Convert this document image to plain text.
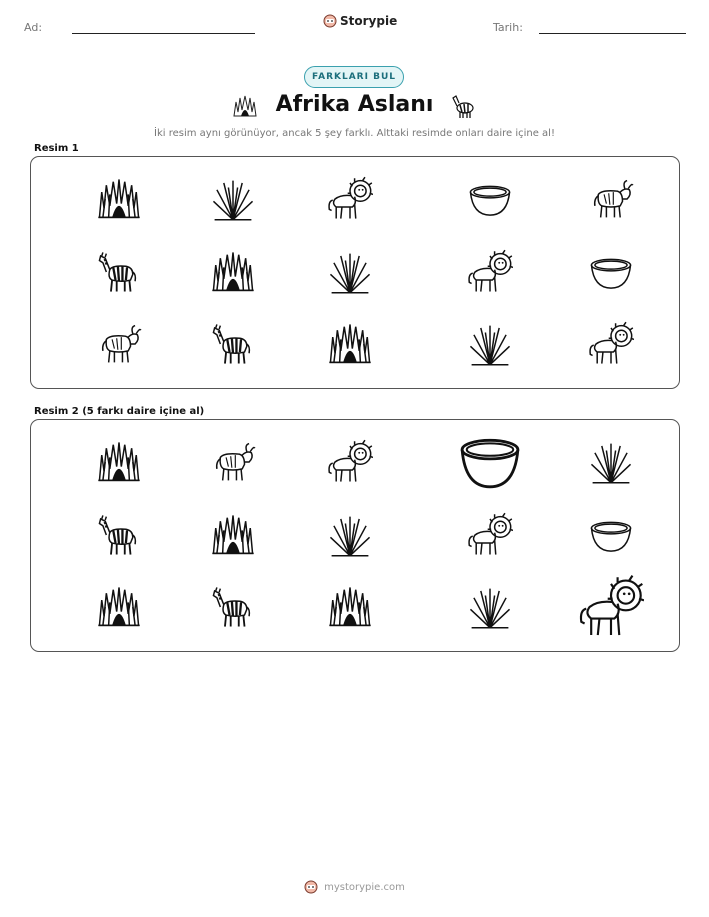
Ad:	Storypie	Tarih:
FARKLARI BUL
Afrika Aslanı
İki resim aynı görünüyor, ancak 5 şey farklı. Alttaki resimde onları daire içine al!
Resim 1
Resim 2 (5 farkı daire içine al)
mystorypie.com
